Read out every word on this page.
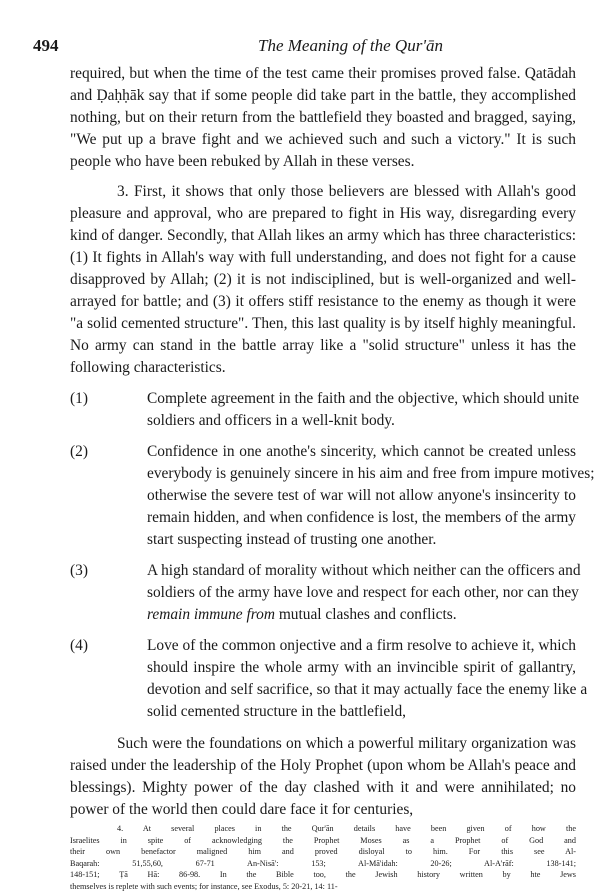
494	The Meaning of the Qur'ān
required, but when the time of the test came their promises proved false. Qatādah
and Ḍaḥḥāk say that if some people did take part in the battle, they accomplished
nothing, but on their return from the battlefield they boasted and bragged, saying,
"We put up a brave fight and we achieved such and such a victory." It is such
people who have been rebuked by Allah in these verses.
3. First, it shows that only those believers are blessed with Allah's good
pleasure and approval, who are prepared to fight in His way, disregarding every
kind of danger. Secondly, that Allah likes an army which has three characteristics:
(1) It fights in Allah's way with full understanding, and does not fight for a cause
disapproved by Allah; (2) it is not indisciplined, but is well-organized and well-
arrayed for battle; and (3) it offers stiff resistance to the enemy as though it were
"a solid cemented structure". Then, this last quality is by itself highly meaningful.
No army can stand in the battle array like a "solid structure" unless it has the
following characteristics.
(1)	Complete agreement in the faith and the objective, which should unite
soldiers and officers in a well-knit body.
(2)	Confidence in one anothe's sincerity, which cannot be created unless
everybody is genuinely sincere in his aim and free from impure motives;
otherwise the severe test of war will not allow anyone's insincerity to
remain hidden, and when confidence is lost, the members of the army
start suspecting instead of trusting one another.
(3)	A high standard of morality without which neither can the officers and
soldiers of the army have love and respect for each other, nor can they
remain immune from mutual clashes and conflicts.
(4)	Love of the common onjective and a firm resolve to achieve it, which
should inspire the whole army with an invincible spirit of gallantry,
devotion and self sacrifice, so that it may actually face the enemy like a
solid cemented structure in the battlefield,
Such were the foundations on which a powerful military organization was
raised under the leadership of the Holy Prophet (upon whom be Allah's peace and
blessings). Mighty power of the day clashed with it and were annihilated; no
power of the world then could dare face it for centuries,
4. At several places in the Qur'ān details have been given of how the
Israelites in spite of acknowledging the Prophet Moses as a Prophet of God and
their own benefactor maligned him and proved disloyal to him. For this see Al-
Baqarah: 51,55,60, 67-71 An-Nisā': 153; Al-Mā'idah: 20-26; Al-A'rāf: 138-141;
148-151; Ṭā Hā: 86-98. In the Bible too, the Jewish history written by hte Jews
themselves is replete with such events; for instance, see Exodus, 5: 20-21, 14: 11-
